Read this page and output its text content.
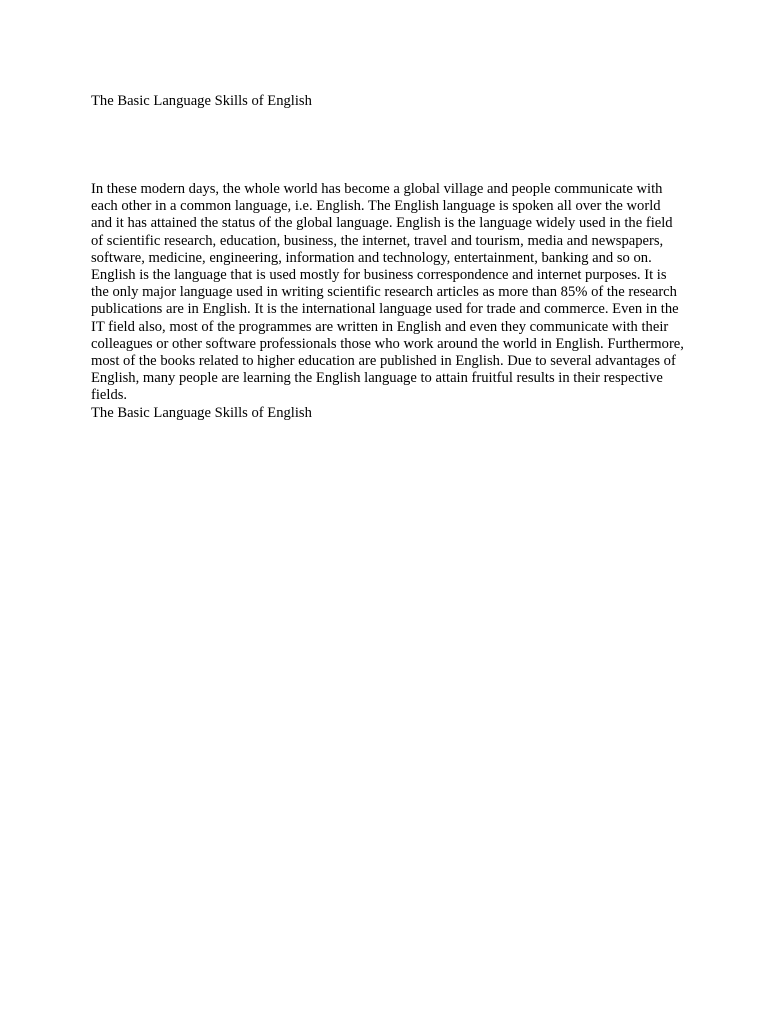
The Basic Language Skills of English
In these modern days, the whole world has become a global village and people communicate with
each other in a common language, i.e. English. The English language is spoken all over the world
and it has attained the status of the global language. English is the language widely used in the field
of scientific research, education, business, the internet, travel and tourism, media and newspapers,
software, medicine, engineering, information and technology, entertainment, banking and so on.
English is the language that is used mostly for business correspondence and internet purposes. It is
the only major language used in writing scientific research articles as more than 85% of the research
publications are in English. It is the international language used for trade and commerce. Even in the
IT field also, most of the programmes are written in English and even they communicate with their
colleagues or other software professionals those who work around the world in English. Furthermore,
most of the books related to higher education are published in English. Due to several advantages of
English, many people are learning the English language to attain fruitful results in their respective
fields.
The Basic Language Skills of English
